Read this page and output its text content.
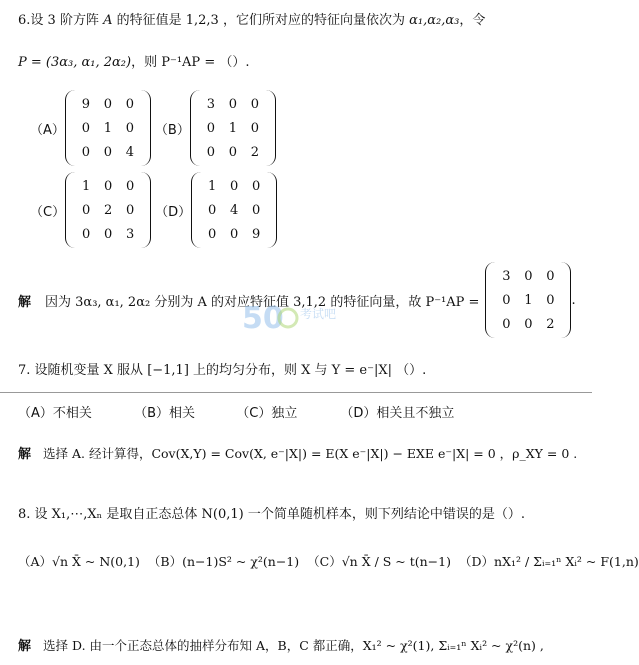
6.设 3 阶方阵 A 的特征值是 1,2,3 ，它们所对应的特征向量依次为 α₁,α₂,α₃，令
P = (3α₃, α₁, 2α₂)，则 P⁻¹AP = （）.
（A）
9 0 0
0 1 0
0 0 4
（B）
3 0 0
0 1 0
0 0 2
（C）
1 0 0
0 2 0
0 0 3
（D）
1 0 0
0 4 0
0 0 9
解 因为 3α₃, α₁, 2α₂ 分别为 A 的对应特征值 3,1,2 的特征向量，故 P⁻¹AP =
3 0 0
0 1 0
0 0 2
.
50 考试吧
7. 设随机变量 X 服从 [−1,1] 上的均匀分布，则 X 与 Y = e⁻|X| （）.
（A）不相关	（B）相关	（C）独立	（D）相关且不独立
解 选择 A. 经计算得，Cov(X,Y) = Cov(X, e⁻|X|) = E(X e⁻|X|) − EXE e⁻|X| = 0 ，ρ_XY = 0 .
8. 设 X₁,⋯,Xₙ 是取自正态总体 N(0,1) 一个简单随机样本，则下列结论中错误的是（）.
（A）√n X̄ ~ N(0,1) （B）(n−1)S² ~ χ²(n−1) （C）√n X̄ / S ~ t(n−1) （D）nX₁² / Σᵢ₌₁ⁿ Xᵢ² ~ F(1,n)
解 选择 D. 由一个正态总体的抽样分布知 A，B，C 都正确，X₁² ~ χ²(1), Σᵢ₌₁ⁿ Xᵢ² ~ χ²(n) ,
